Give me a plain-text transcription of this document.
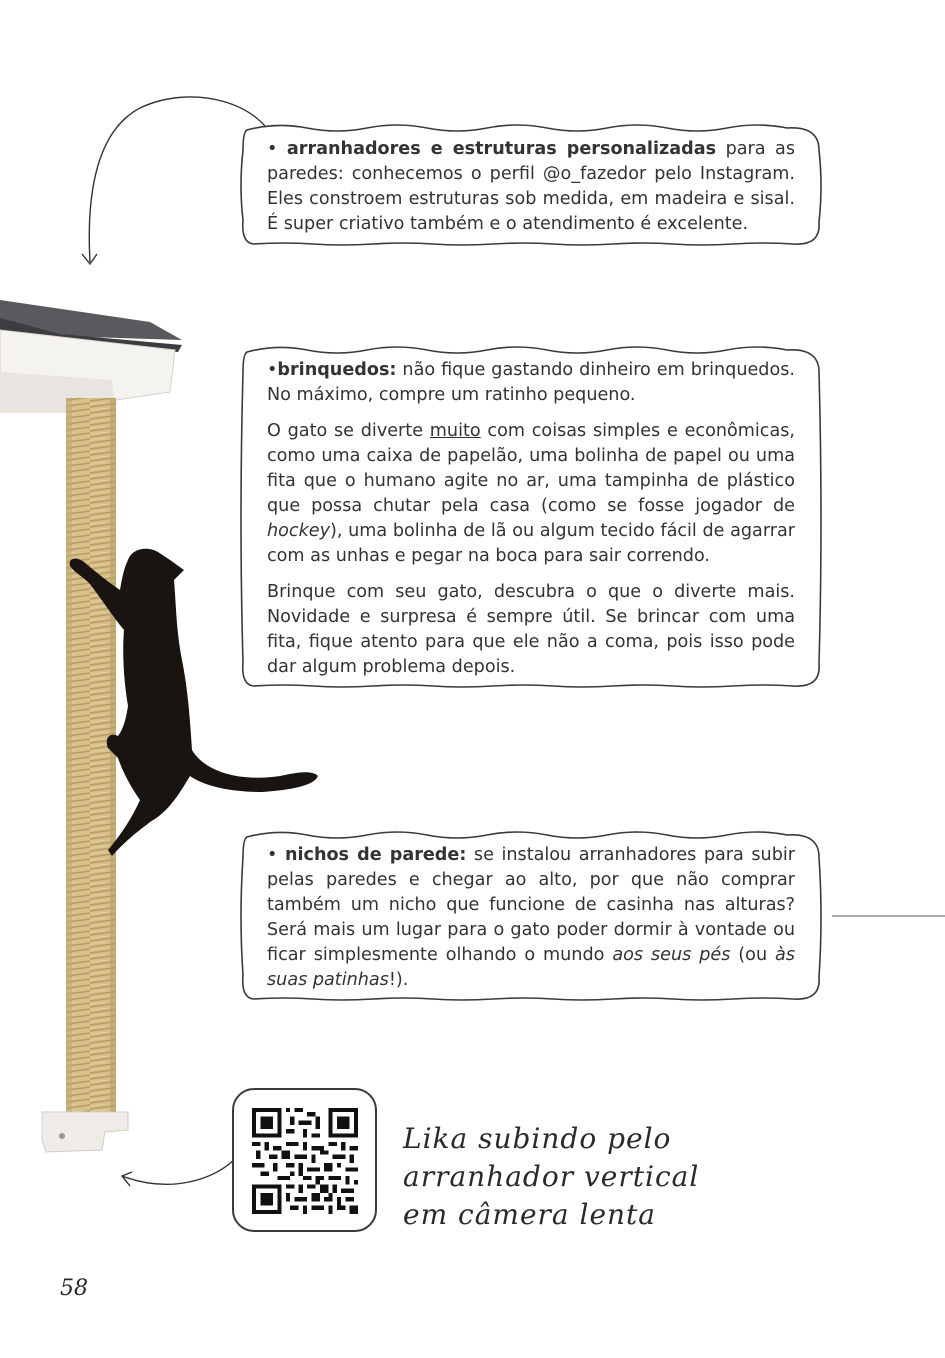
• arranhadores e estruturas personalizadas para as paredes: conhecemos o perfil @o_fazedor pelo Instagram. Eles constroem estruturas sob medida, em madeira e sisal. É super criativo também e o atendimento é excelente.

•brinquedos: não fique gastando dinheiro em brinquedos. No máximo, compre um ratinho pequeno.

O gato se diverte muito com coisas simples e econômicas, como uma caixa de papelão, uma bolinha de papel ou uma fita que o humano agite no ar, uma tampinha de plástico que possa chutar pela casa (como se fosse jogador de hockey), uma bolinha de lã ou algum tecido fácil de agarrar com as unhas e pegar na boca para sair correndo.

Brinque com seu gato, descubra o que o diverte mais. Novidade e surpresa é sempre útil. Se brincar com uma fita, fique atento para que ele não a coma, pois isso pode dar algum problema depois.

• nichos de parede: se instalou arranhadores para subir pelas paredes e chegar ao alto, por que não comprar também um nicho que funcione de casinha nas alturas? Será mais um lugar para o gato poder dormir à vontade ou ficar simplesmente olhando o mundo aos seus pés (ou às suas patinhas!).

Lika subindo pelo arranhador vertical
em câmera lenta
58
